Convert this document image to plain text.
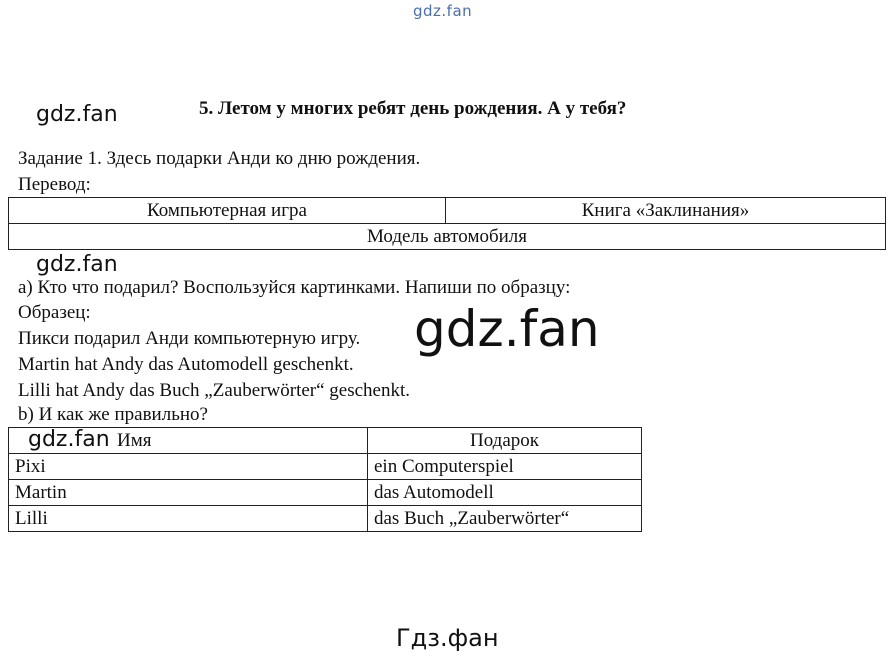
gdz.fan
gdz.fan	5. Летом у многих ребят день рождения. А у тебя?
Задание 1. Здесь подарки Анди ко дню рождения.
Перевод:
Компьютерная игра	Книга «Заклинания»
Модель автомобиля
gdz.fan
а) Кто что подарил? Воспользуйся картинками. Напиши по образцу:
Образец:
Пикси подарил Анди компьютерную игру.
Martin hat Andy das Automodell geschenkt.
Lilli hat Andy das Buch „Zauberwörter“ geschenkt.
gdz.fan
b) И как же правильно?
Имя	Подарок
Pixi	ein Computerspiel
Martin	das Automodell
Lilli	das Buch „Zauberwörter“
gdz.fan
Гдз.фан
